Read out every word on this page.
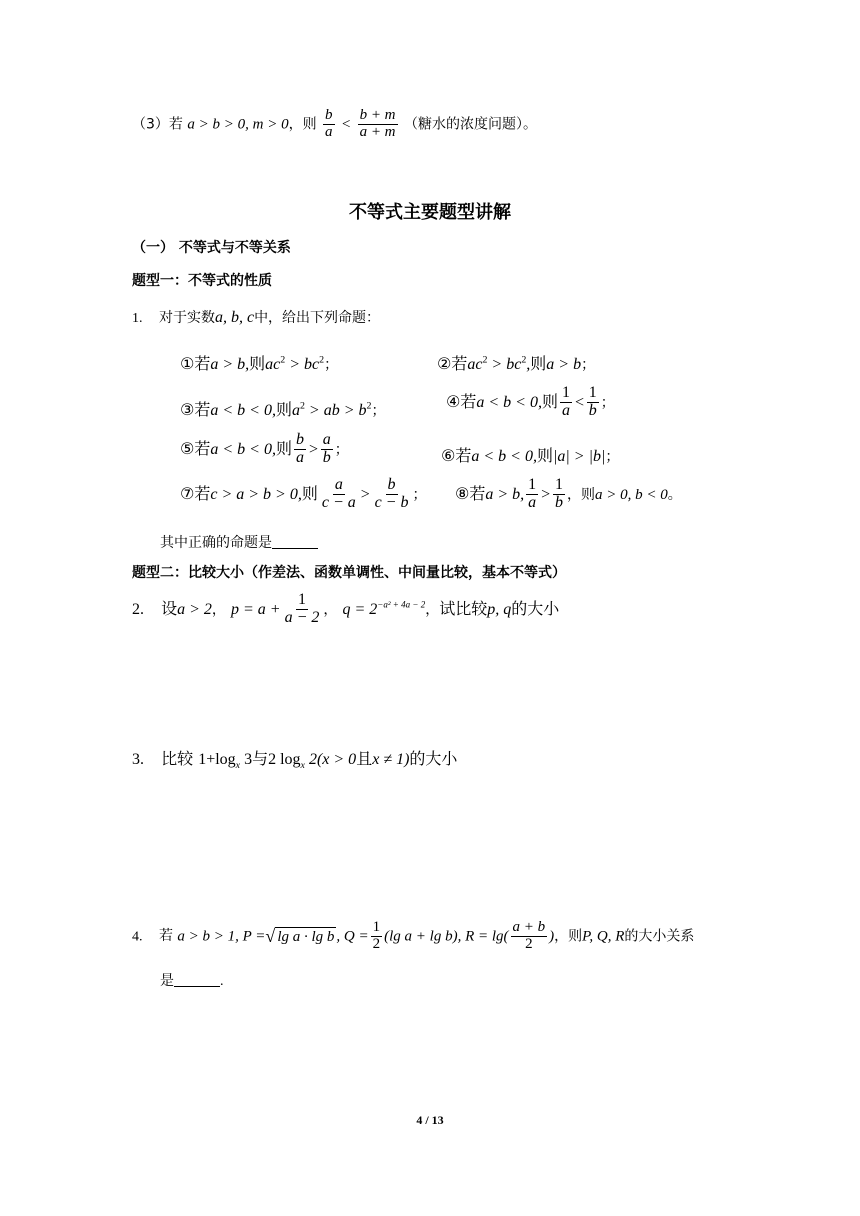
（3）若 a > b > 0, m > 0，则 $\frac{b}{a} < \frac{b + m}{a + m}$ （糖水的浓度问题）。
不等式主要题型讲解
（一） 不等式与不等关系
题型一：不等式的性质
1. 对于实数a, b, c中，给出下列命题：
①若a > b,则$ac^2 > bc^2$；	②若$ac^2 > bc^2$,则a > b；
③若a < b < 0,则$a^2$ > ab > $b^2$；
④若a < b < 0,则 $\frac{1}{a} < \frac{1}{b}$ ；
⑤若a < b < 0,则 $\frac{b}{a} > \frac{a}{b}$ ；	⑥若a < b < 0,则|a| > |b|；
⑦若c > a > b > 0,则 $\frac{a}{c - a} > \frac{b}{c - b}$ ； ⑧若a > b, $\frac{1}{a} > \frac{1}{b}$ ，则a > 0, b < 0。
其中正确的命题是
题型二：比较大小（作差法、函数单调性、中间量比较，基本不等式）
2. 设a > 2， $p = a + \frac{1}{a - 2}$ ， $q = 2^{-a^2 + 4a - 2}$，试比较p, q的大小
3. 比较 $1+\log_x$ 3与2 $\log_x 2(x > 0$且x ≠ 1)的大小
4. 若 a > b > 1, P = √ lg a · lg b , $Q = \frac{1}{2} (\lg$ a + lg b), $R = \lg( \frac{a + b}{2}$ )，则P, Q, R的大小关系
是	.
4 / 13
